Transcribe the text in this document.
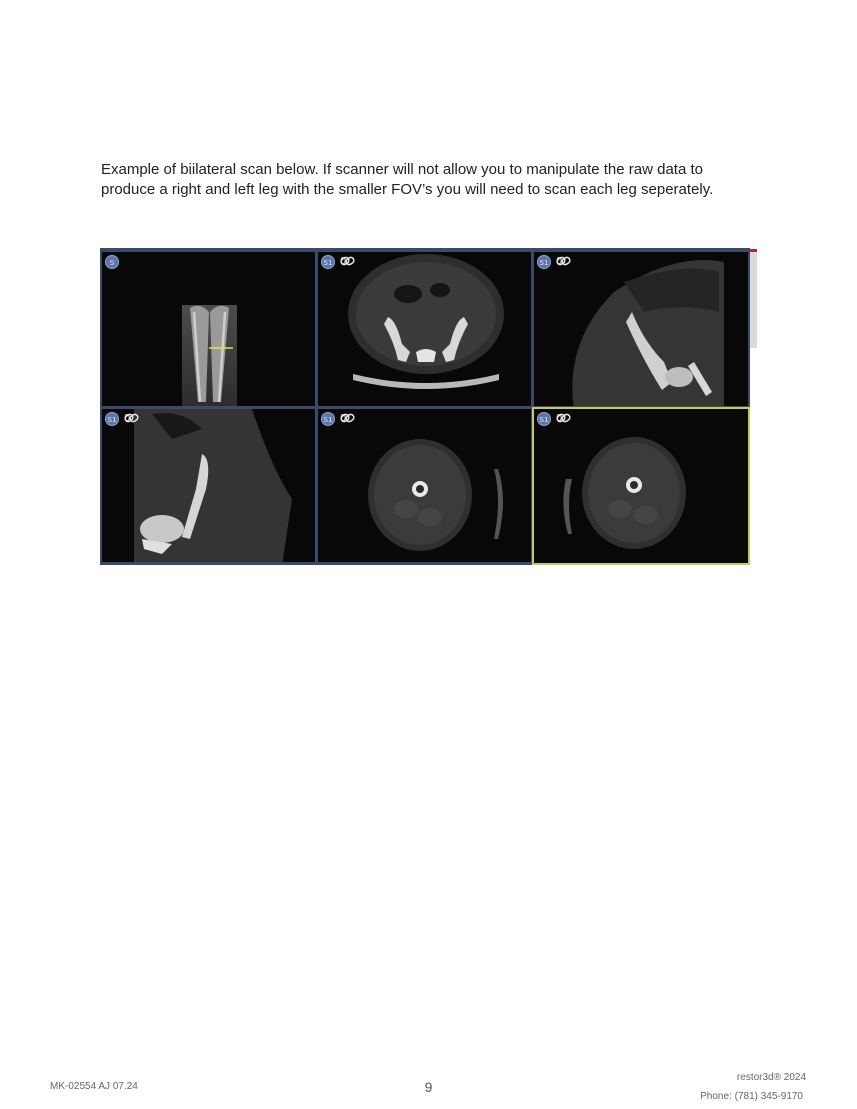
Example of biilateral scan below. If scanner will not allow you to manipulate the raw data to produce a right and left leg with the smaller FOV’s you will need to scan each leg seperately.

S	S1 0	S1 0
S1 0	S1 0	S1 0
MK-02554 AJ 07.24	9
restor3d® 2024
Phone: (781) 345-9170
